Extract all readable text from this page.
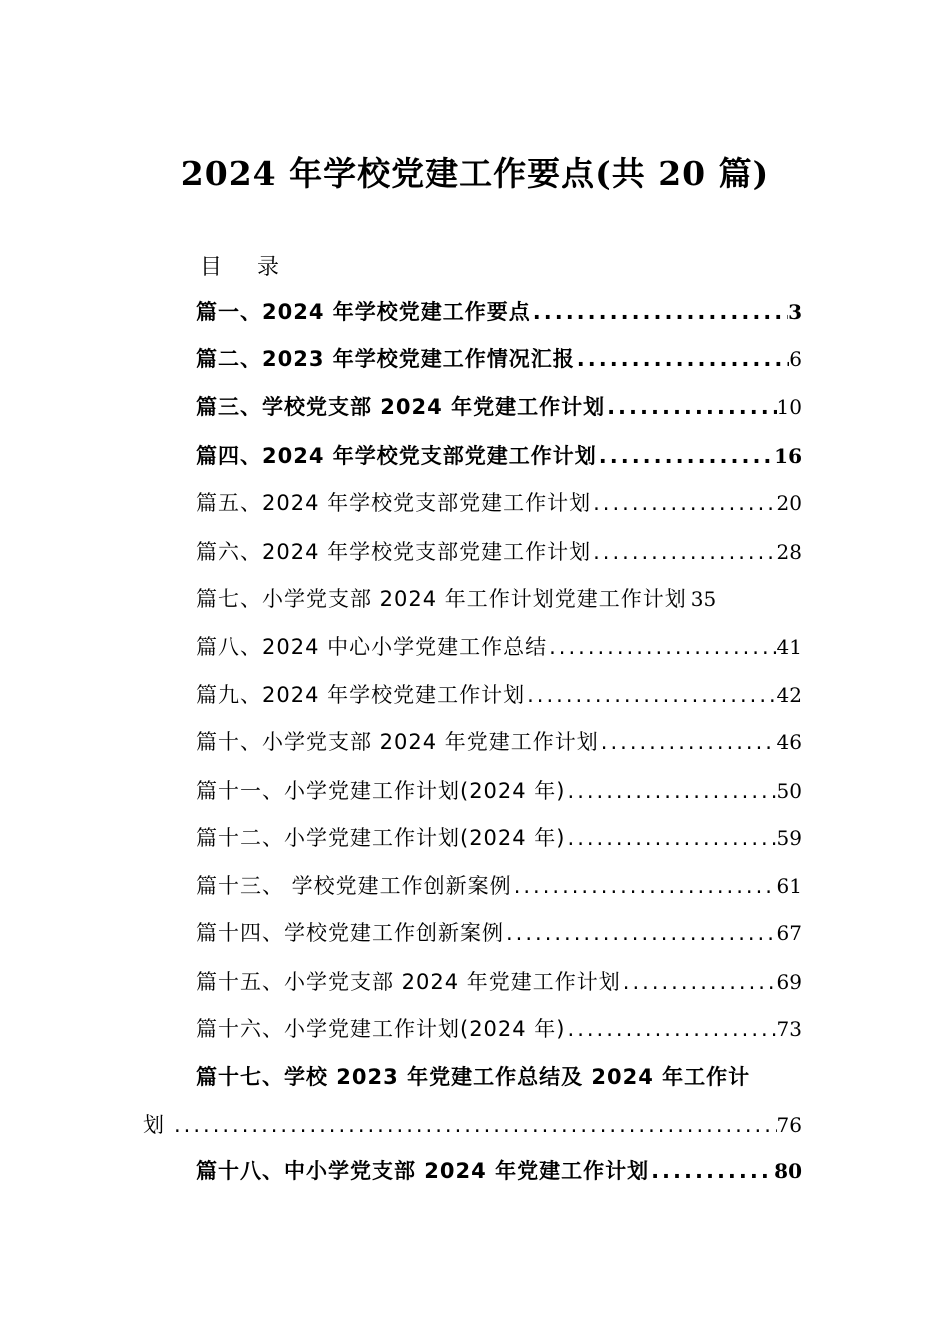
2024 年学校党建工作要点(共 20 篇)
目 录
篇一、2024 年学校党建工作要点 .....	3
篇二、2023 年学校党建工作情况汇报 .....	6
篇三、学校党支部 2024 年党建工作计划 .....	10
篇四、2024 年学校党支部党建工作计划 .....	16
篇五、2024 年学校党支部党建工作计划 .....	20
篇六、2024 年学校党支部党建工作计划 .....	28
篇七、小学党支部 2024 年工作计划党建工作计划 35
篇八、2024 中心小学党建工作总结 .....	41
篇九、2024 年学校党建工作计划 .....	42
篇十、小学党支部 2024 年党建工作计划 .....	46
篇十一、小学党建工作计划(2024 年) .....	50
篇十二、小学党建工作计划(2024 年) .....	59
篇十三、 学校党建工作创新案例 .....	61
篇十四、学校党建工作创新案例 .....	67
篇十五、小学党支部 2024 年党建工作计划 .....	69
篇十六、小学党建工作计划(2024 年) .....	73
篇十七、学校 2023 年党建工作总结及 2024 年工作计
划 .....	76
篇十八、中小学党支部 2024 年党建工作计划 .....	80
